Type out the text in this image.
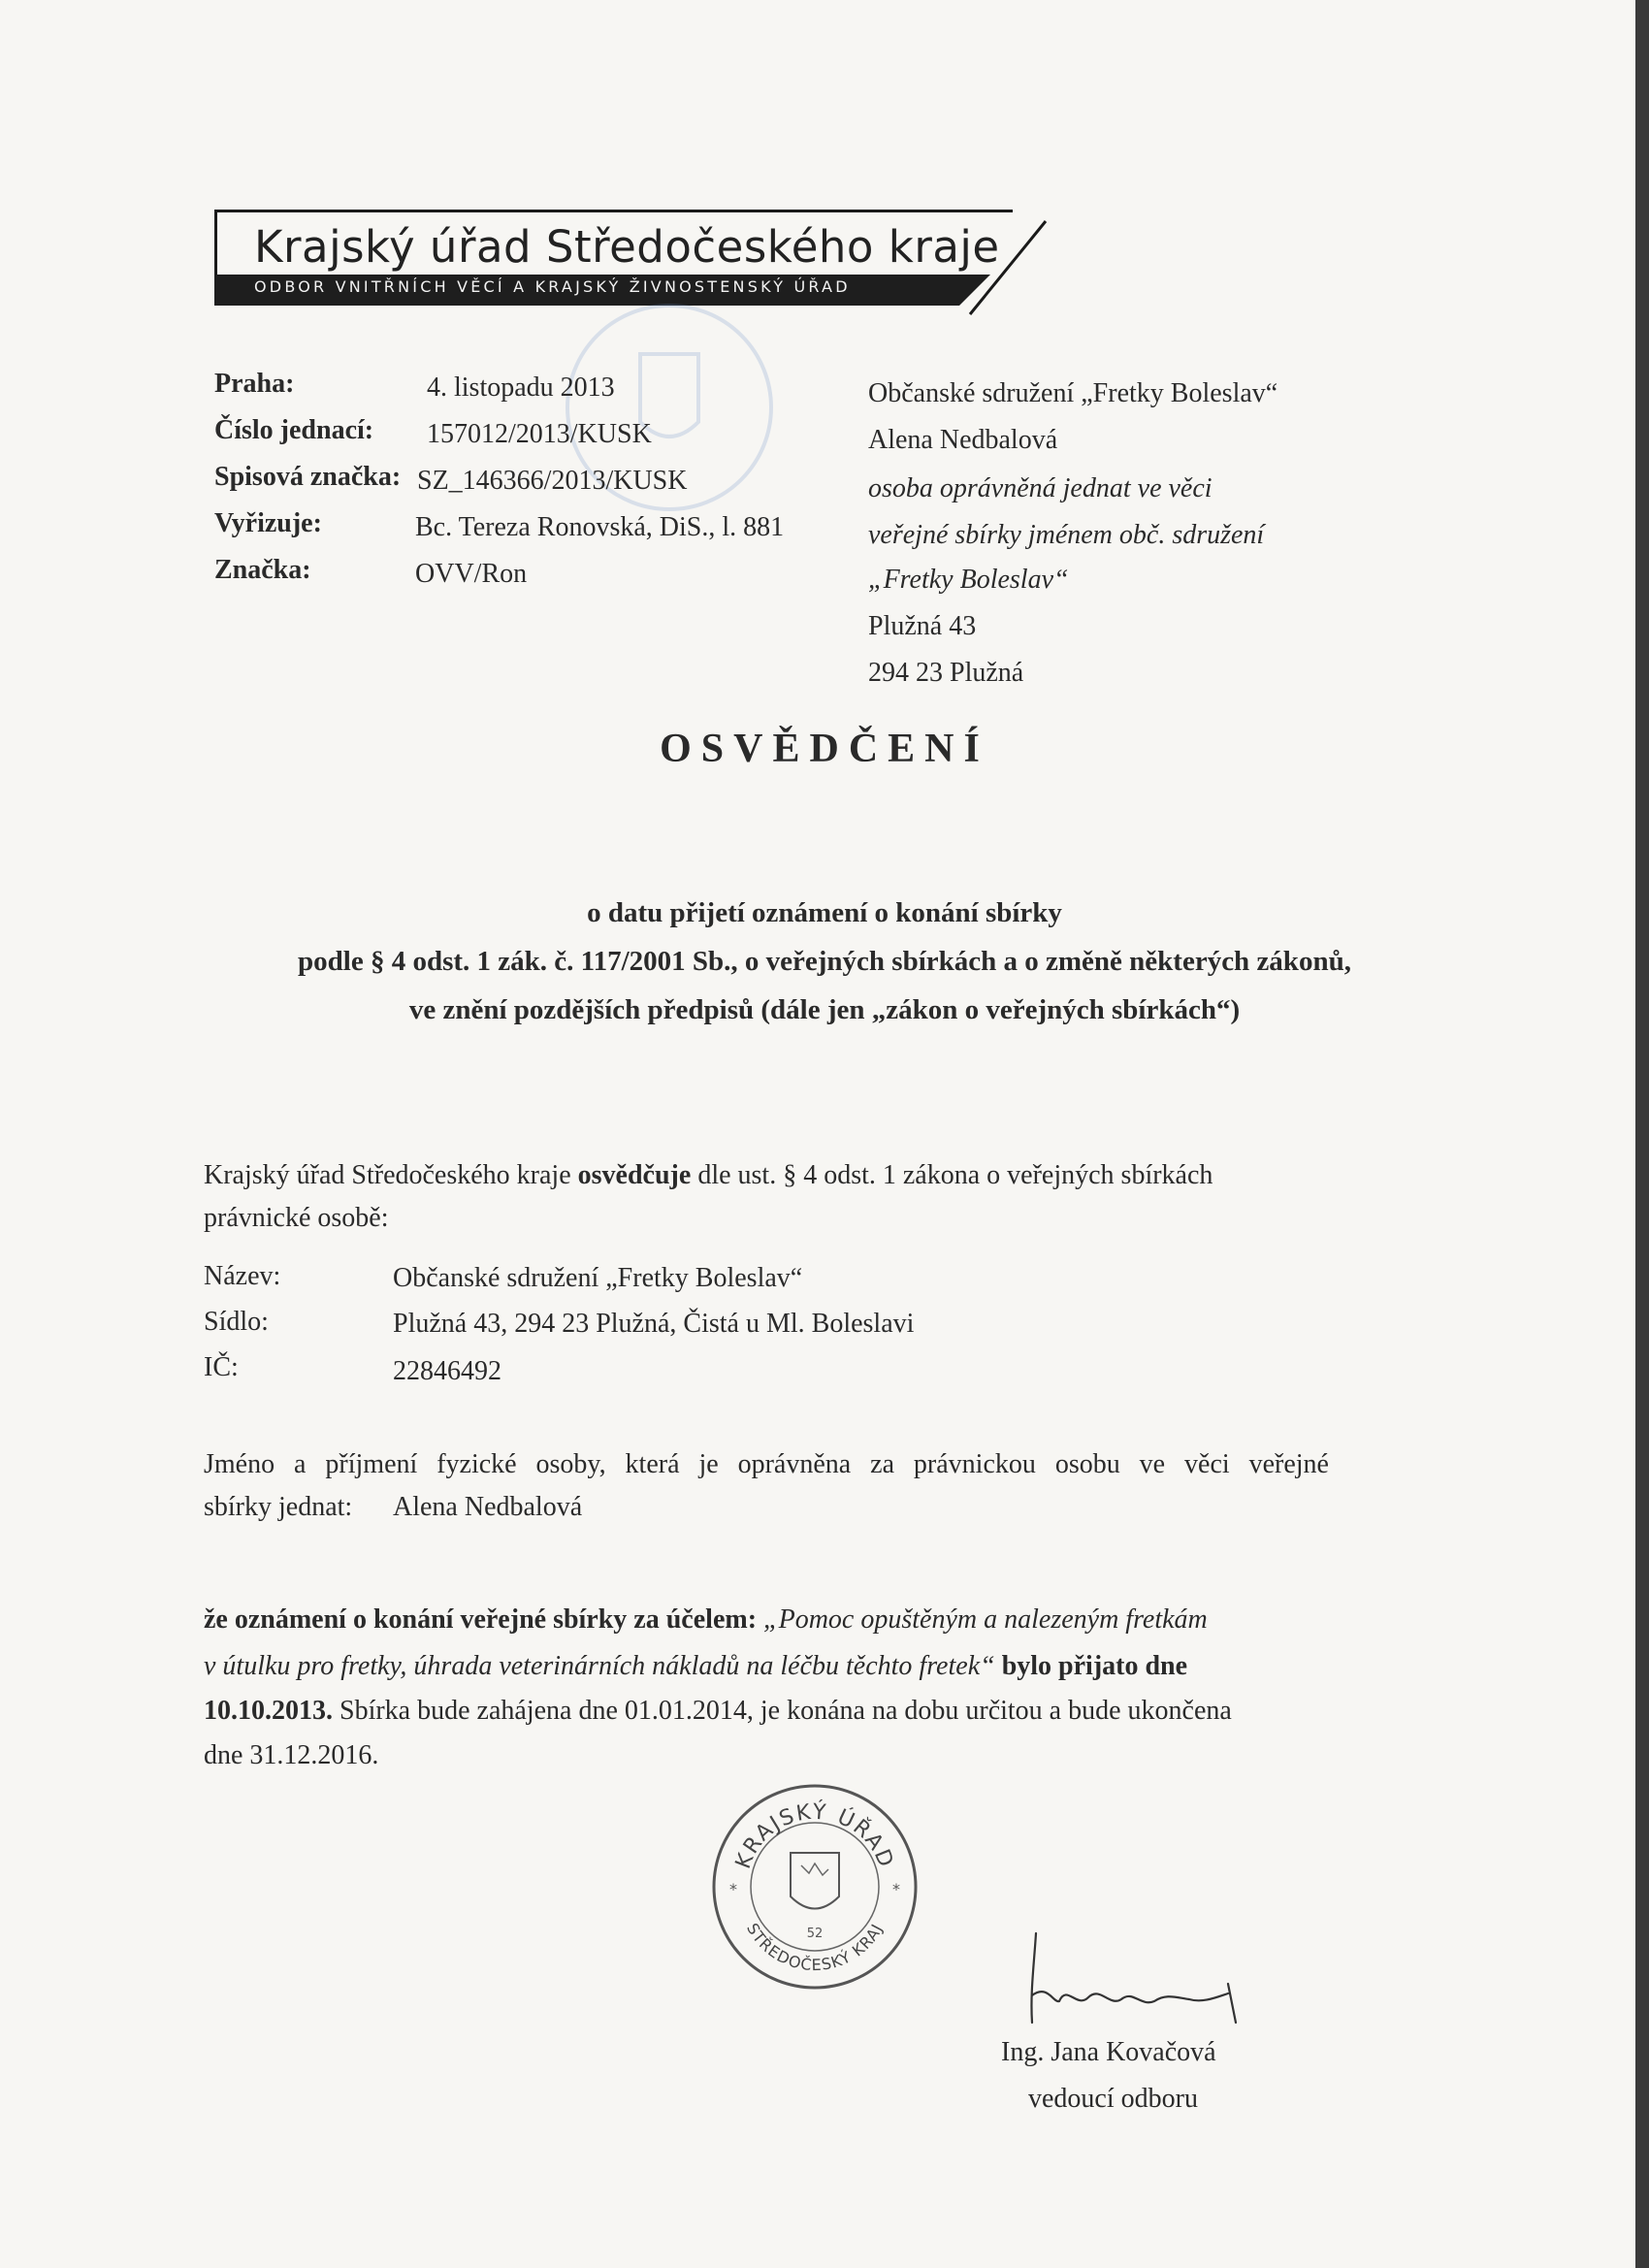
Krajský úřad Středočeského kraje
ODBOR VNITŘNÍCH VĚCÍ A KRAJSKÝ ŽIVNOSTENSKÝ ÚŘAD
Praha:	4. listopadu 2013
Číslo jednací: 157012/2013/KUSK
Spisová značka: SZ_146366/2013/KUSK
Vyřizuje:	Bc. Tereza Ronovská, DiS., l. 881
Značka:	OVV/Ron
Občanské sdružení „Fretky Boleslav“
Alena Nedbalová
osoba oprávněná jednat ve věci
veřejné sbírky jménem obč. sdružení
„Fretky Boleslav“
Plužná 43
294 23 Plužná
OSVĚDČENÍ
o datu přijetí oznámení o konání sbírky
podle § 4 odst. 1 zák. č. 117/2001 Sb., o veřejných sbírkách a o změně některých zákonů,
ve znění pozdějších předpisů (dále jen „zákon o veřejných sbírkách“)
Krajský úřad Středočeského kraje osvědčuje dle ust. § 4 odst. 1 zákona o veřejných sbírkách
právnické osobě:
Název:	Občanské sdružení „Fretky Boleslav“
Sídlo:	Plužná 43, 294 23 Plužná, Čistá u Ml. Boleslavi
IČ:	22846492
Jméno a příjmení fyzické osoby, která je oprávněna za právnickou osobu ve věci veřejné
sbírky jednat: Alena Nedbalová
že oznámení o konání veřejné sbírky za účelem: „Pomoc opuštěným a nalezeným fretkám
v útulku pro fretky, úhrada veterinárních nákladů na léčbu těchto fretek“ bylo přijato dne
10.10.2013. Sbírka bude zahájena dne 01.01.2014, je konána na dobu určitou a bude ukončena
dne 31.12.2016.
KRAJSKÝ ÚŘAD
STŘEDOČESKÝ KRAJ
*	*
52
Ing. Jana Kovačová
vedoucí odboru
